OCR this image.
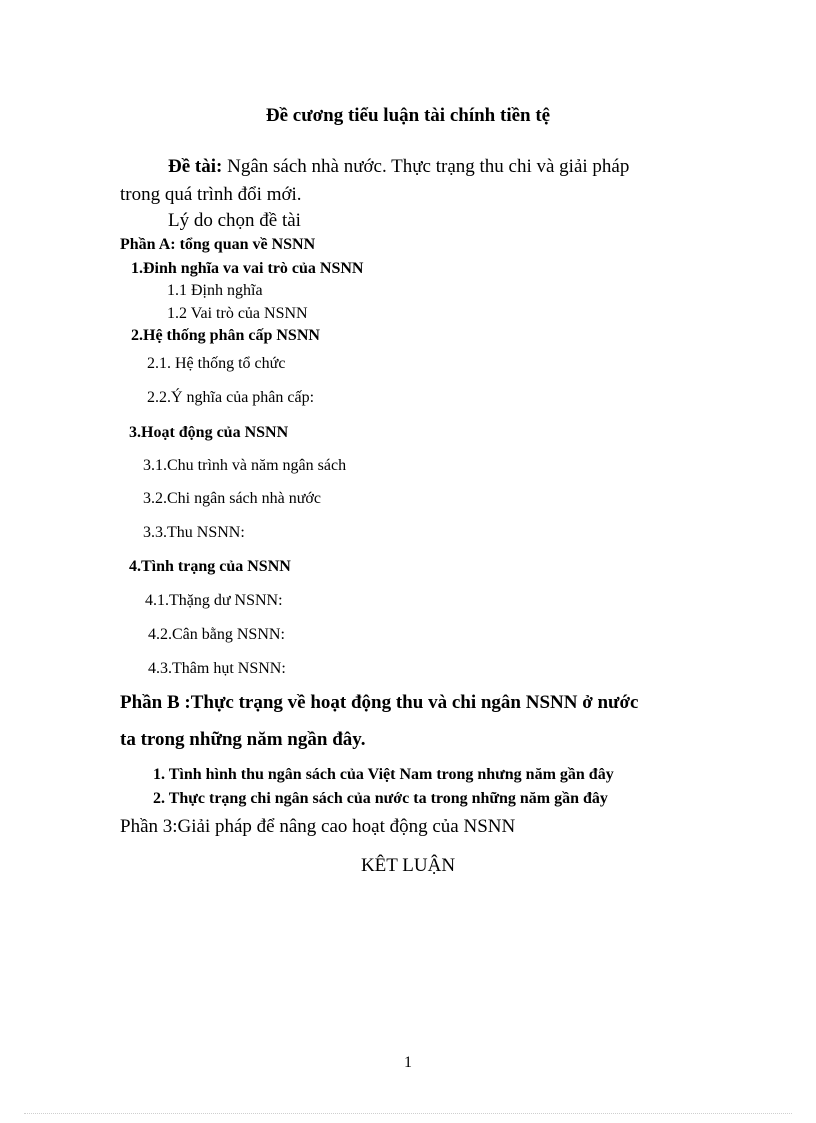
Đề cương tiểu luận tài chính tiền tệ
Đề tài: Ngân sách nhà nước. Thực trạng thu chi và giải pháp
trong quá trình đổi mới.
Lý do chọn đề tài
Phần A: tổng quan về NSNN
1.Đinh nghĩa va vai trò của NSNN
1.1 Định nghĩa
1.2 Vai trò của NSNN
2.Hệ thống phân cấp NSNN
2.1. Hệ thống tổ chức
2.2.Ý nghĩa của phân cấp:
3.Hoạt động của NSNN
3.1.Chu trình và năm ngân sách
3.2.Chi ngân sách nhà nước
3.3.Thu NSNN:
4.Tình trạng của NSNN
4.1.Thặng dư NSNN:
4.2.Cân bằng NSNN:
4.3.Thâm hụt NSNN:
Phần B :Thực trạng về hoạt động thu và chi ngân NSNN ở nước
ta trong những năm ngần đây.
1. Tình hình thu ngân sách của Việt Nam trong nhưng năm gần đây
2. Thực trạng chi ngân sách của nước ta trong những năm gần đây
Phần 3:Giải pháp để nâng cao hoạt động của NSNN
KÊT LUẬN
1
